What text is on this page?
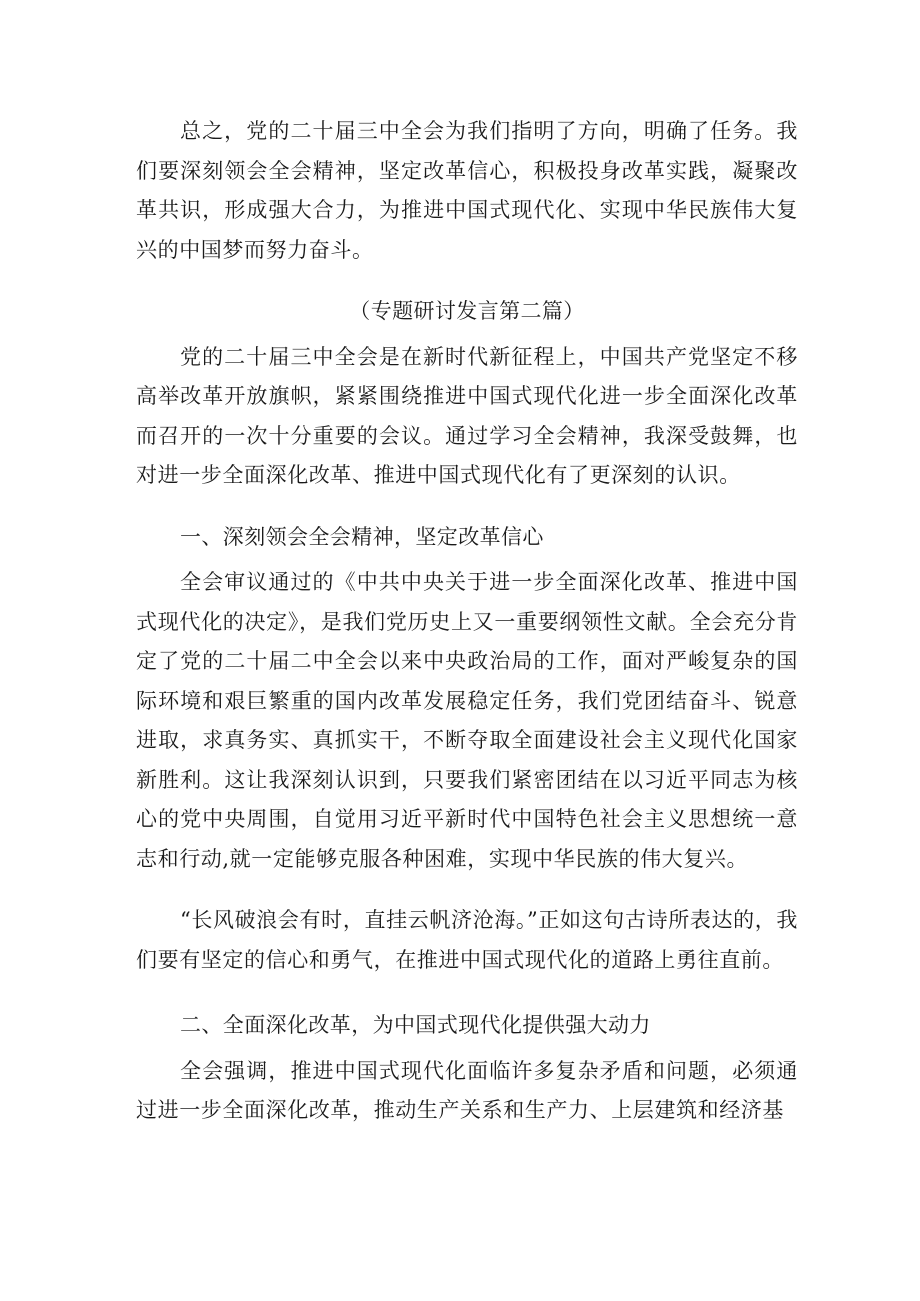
总之，党的二十届三中全会为我们指明了方向，明确了任务。我们要深刻领会全会精神，坚定改革信心，积极投身改革实践，凝聚改革共识，形成强大合力，为推进中国式现代化、实现中华民族伟大复兴的中国梦而努力奋斗。

（专题研讨发言第二篇）

党的二十届三中全会是在新时代新征程上，中国共产党坚定不移高举改革开放旗帜，紧紧围绕推进中国式现代化进一步全面深化改革而召开的一次十分重要的会议。通过学习全会精神，我深受鼓舞，也对进一步全面深化改革、推进中国式现代化有了更深刻的认识。

一、深刻领会全会精神，坚定改革信心

全会审议通过的《中共中央关于进一步全面深化改革、推进中国式现代化的决定》，是我们党历史上又一重要纲领性文献。全会充分肯定了党的二十届二中全会以来中央政治局的工作，面对严峻复杂的国际环境和艰巨繁重的国内改革发展稳定任务，我们党团结奋斗、锐意进取，求真务实、真抓实干，不断夺取全面建设社会主义现代化国家新胜利。这让我深刻认识到，只要我们紧密团结在以习近平同志为核心的党中央周围，自觉用习近平新时代中国特色社会主义思想统一意志和行动,就一定能够克服各种困难，实现中华民族的伟大复兴。

“长风破浪会有时，直挂云帆济沧海。”正如这句古诗所表达的，我们要有坚定的信心和勇气，在推进中国式现代化的道路上勇往直前。

二、全面深化改革，为中国式现代化提供强大动力

全会强调，推进中国式现代化面临许多复杂矛盾和问题，必须通过进一步全面深化改革，推动生产关系和生产力、上层建筑和经济基
